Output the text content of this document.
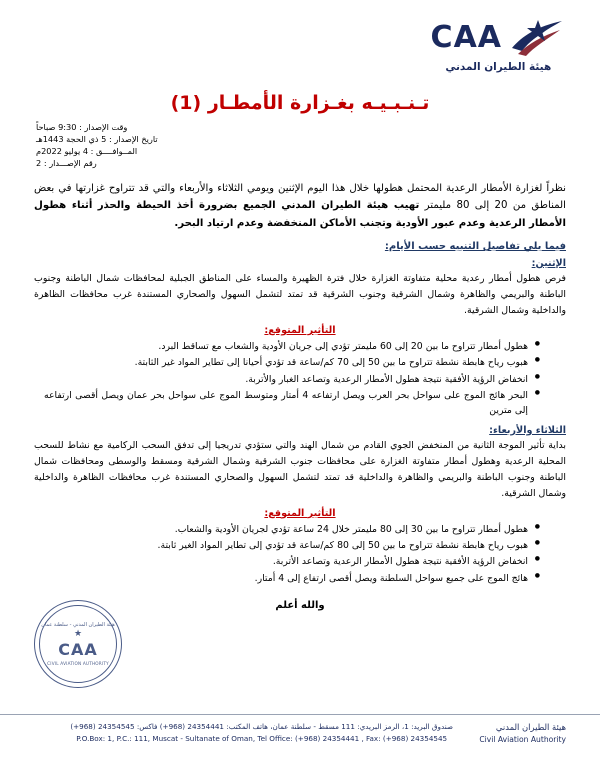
CAA
هيئة الطيران المدني
تـنـبـيـه بغـزارة الأمطـار (1)
وقت الإصدار : 9:30 صباحاً
تاريخ الإصدار : 5 ذي الحجة 1443هـ
المــوافــــق : 4 يوليو 2022م
رقم الإصـــدار : 2
نظراً لغزارة الأمطار الرعدية المحتمل هطولها خلال هذا اليوم الإثنين ويومي الثلاثاء والأربعاء والتي قد تتراوح غزارتها في بعض المناطق من 20 إلى 80 مليمتر تهيب هيئة الطيران المدني الجميع بضرورة أخذ الحيطة والحذر أثناء هطول الأمطار الرعدية وعدم عبور الأودية وتجنب الأماكن المنخفضة وعدم ارتياد البحر.
فيما يلي تفاصيل التنبيه حسب الأيام:
الإثنين:
فرص هطول أمطار رعدية محلية متفاوتة الغزارة خلال فترة الظهيرة والمساء على المناطق الجبلية لمحافظات شمال الباطنة وجنوب الباطنة والبريمي والظاهرة وشمال الشرقية وجنوب الشرقية قد تمتد لتشمل السهول والصحاري المستندة غرب محافظات الظاهرة والداخلية وشمال الشرقية.
التأثير المتوقع:
● هطول أمطار تتراوح ما بين 20 إلى 60 مليمتر تؤدي إلى جريان الأودية والشعاب مع تساقط البرد.
● هبوب رياح هابطة نشطة تتراوح ما بين 50 إلى 70 كم/ساعة قد تؤدي أحيانا إلى تطاير المواد غير الثابتة.
● انخفاض الرؤية الأفقية نتيجة هطول الأمطار الرعدية وتصاعد الغبار والأتربة.
● البحر هائج الموج على سواحل بحر العرب ويصل ارتفاعه 4 أمتار ومتوسط الموج على سواحل بحر عمان ويصل أقصى ارتفاعه إلى مترين
الثلاثاء والأربعاء:
بداية تأثير الموجة الثانية من المنخفض الجوي القادم من شمال الهند والتي ستؤدي تدريجيا إلى تدفق السحب الركامية مع نشاط للسحب المحلية الرعدية وهطول أمطار متفاوتة الغزارة على محافظات جنوب الشرقية وشمال الشرقية ومسقط والوسطى ومحافظات شمال الباطنة وجنوب الباطنة والبريمي والظاهرة والداخلية قد تمتد لتشمل السهول والصحاري المستندة غرب محافظات الظاهرة والداخلية وشمال الشرقية.
التأثير المتوقع:
● هطول أمطار تتراوح ما بين 30 إلى 80 مليمتر خلال 24 ساعة تؤدي لجريان الأودية والشعاب.
● هبوب رياح هابطة نشطة تتراوح ما بين 50 إلى 80 كم/ساعة قد تؤدي إلى تطاير المواد الغير ثابتة.
● انخفاض الرؤية الأفقية نتيجة هطول الأمطار الرعدية وتصاعد الأتربة.
● هائج الموج على جميع سواحل السلطنة ويصل أقصى ارتفاع إلى 4 أمتار.
والله أعلم
هيئة الطيران المدني - سلطنة عمان
★
CAA
CIVIL AVIATION AUTHORITY
هيئة الطيران المدني
Civil Aviation Authority
صندوق البريد: 1، الرمز البريدي: 111 مسقط - سلطنة عمان، هاتف المكتب: 24354441 (968+) فاكس: 24354545 (968+)
P.O.Box: 1, P.C.: 111, Muscat - Sultanate of Oman, Tel Office: (+968) 24354441 , Fax: (+968) 24354545
